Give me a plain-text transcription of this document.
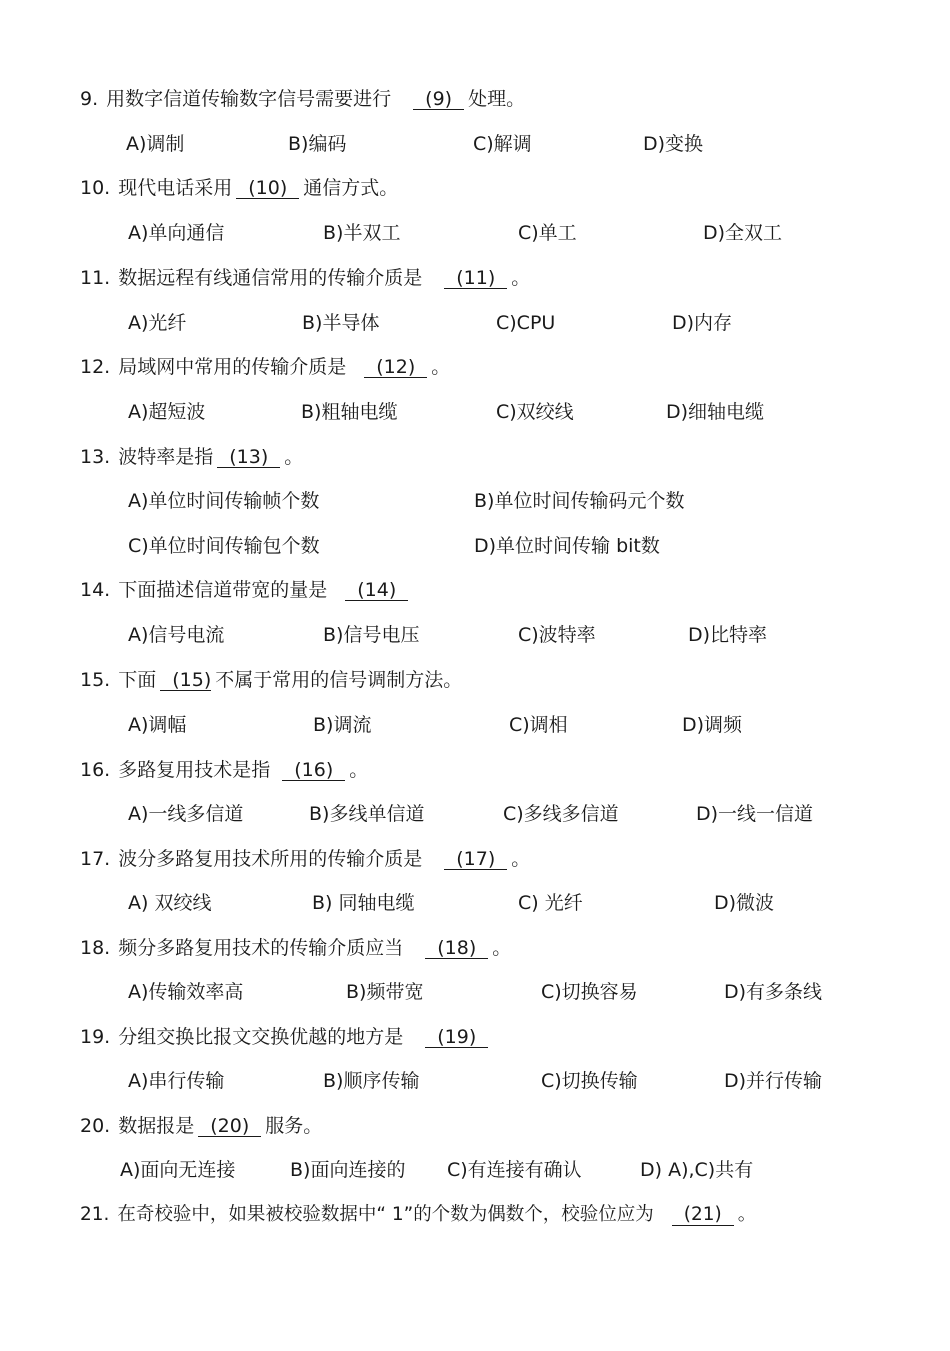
9. 用数字信道传输数字信号需要进行 (9) 处理。
A)调制	B)编码	C)解调	D)变换
10. 现代电话采用 (10) 通信方式。
A)单向通信	B)半双工	C)单工	D)全双工
11. 数据远程有线通信常用的传输介质是 (11) 。
A)光纤	B)半导体	C)CPU	D)内存
12. 局域网中常用的传输介质是 (12) 。
A)超短波	B)粗轴电缆	C)双绞线	D)细轴电缆
13. 波特率是指 (13) 。
A)单位时间传输帧个数	B)单位时间传输码元个数
C)单位时间传输包个数	D)单位时间传输 bit数
14. 下面描述信道带宽的量是 (14)
A)信号电流	B)信号电压	C)波特率	D)比特率
15. 下面 (15) 不属于常用的信号调制方法。
A)调幅	B)调流	C)调相	D)调频
16. 多路复用技术是指 (16) 。
A)一线多信道	B)多线单信道	C)多线多信道	D)一线一信道
17. 波分多路复用技术所用的传输介质是 (17) 。
A) 双绞线	B) 同轴电缆	C) 光纤	D)微波
18. 频分多路复用技术的传输介质应当 (18) 。
A)传输效率高	B)频带宽	C)切换容易	D)有多条线
19. 分组交换比报文交换优越的地方是 (19)
A)串行传输	B)顺序传输	C)切换传输	D)并行传输
20. 数据报是 (20) 服务。
A)面向无连接	B)面向连接的 C)有连接有确认	D) A),C)共有
21. 在奇校验中，如果被校验数据中“ 1”的个数为偶数个，校验位应为 (21) 。
